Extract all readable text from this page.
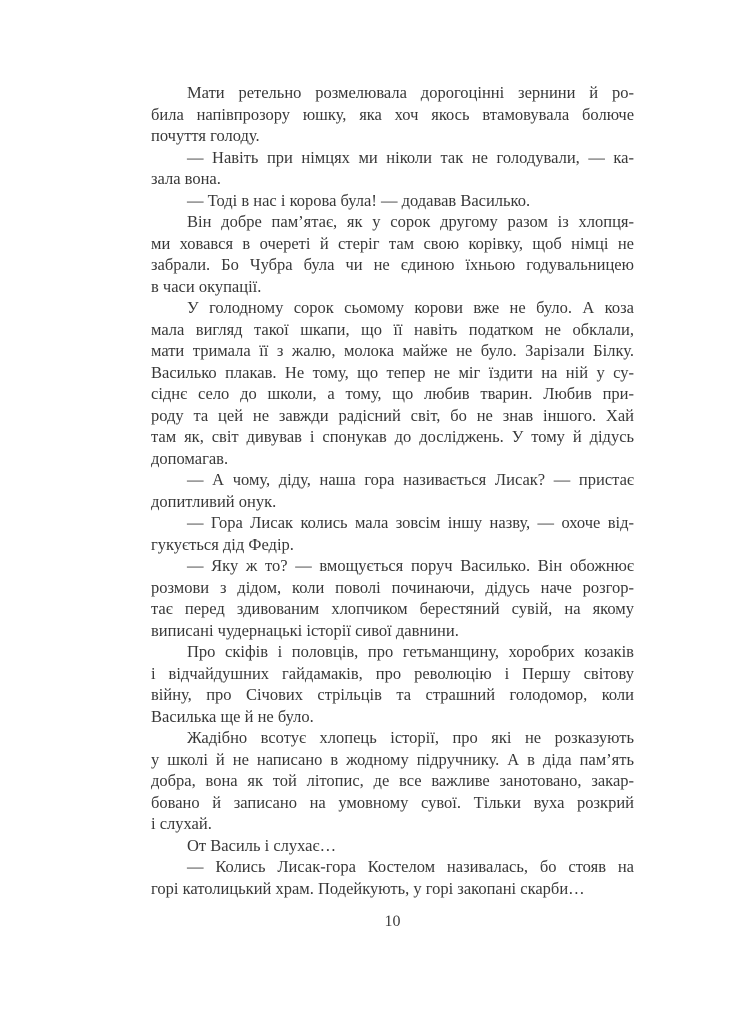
Мати ретельно розмелювала дорогоцінні зернини й ро-
била напівпрозору юшку, яка хоч якось втамовувала болюче
почуття голоду.
— Навіть при німцях ми ніколи так не голодували, — ка-
зала вона.
— Тоді в нас і корова була! — додавав Василько.
Він добре пам’ятає, як у сорок другому разом із хлопця-
ми ховався в очереті й стеріг там свою корівку, щоб німці не
забрали. Бо Чубра була чи не єдиною їхньою годувальницею
в часи окупації.
У голодному сорок сьомому корови вже не було. А коза
мала вигляд такої шкапи, що її навіть податком не обклали,
мати тримала її з жалю, молока майже не було. Зарізали Білку.
Василько плакав. Не тому, що тепер не міг їздити на ній у су-
сіднє село до школи, а тому, що любив тварин. Любив при-
роду та цей не завжди радісний світ, бо не знав іншого. Хай
там як, світ дивував і спонукав до досліджень. У тому й дідусь
допомагав.
— А чому, діду, наша гора називається Лисак? — пристає
допитливий онук.
— Гора Лисак колись мала зовсім іншу назву, — охоче від-
гукується дід Федір.
— Яку ж то? — вмощується поруч Василько. Він обожнює
розмови з дідом, коли поволі починаючи, дідусь наче розгор-
тає перед здивованим хлопчиком берестяний сувій, на якому
виписані чудернацькі історії сивої давнини.
Про скіфів і половців, про гетьманщину, хоробрих козаків
і відчайдушних гайдамаків, про революцію і Першу світову
війну, про Січових стрільців та страшний голодомор, коли
Василька ще й не було.
Жадібно всотує хлопець історії, про які не розказують
у школі й не написано в жодному підручнику. А в діда пам’ять
добра, вона як той літопис, де все важливе занотовано, закар-
бовано й записано на умовному сувої. Тільки вуха розкрий
і слухай.
От Василь і слухає…
— Колись Лисак-гора Костелом називалась, бо стояв на
горі католицький храм. Подейкують, у горі закопані скарби…
10
